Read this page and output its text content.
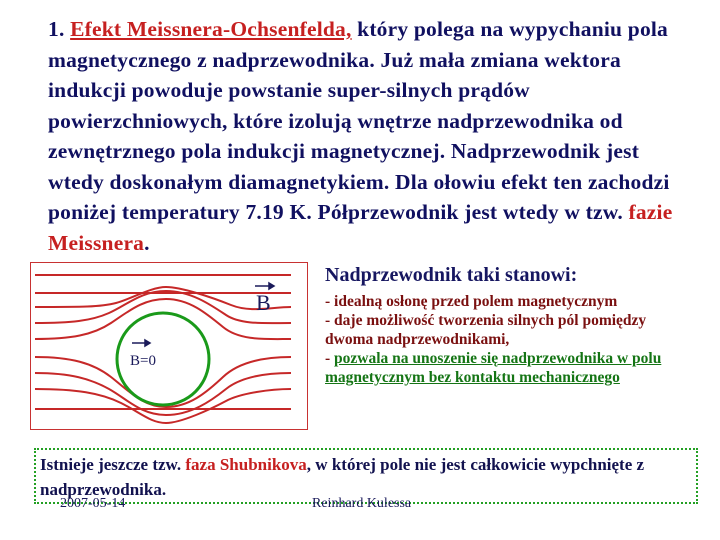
1. Efekt Meissnera-Ochsenfelda, który polega na wypychaniu pola magnetycznego z nadprzewodnika. Już mała zmiana wektora indukcji powoduje powstanie super-silnych prądów powierzchniowych, które izolują wnętrze nadprzewodnika od zewnętrznego pola indukcji magnetycznej. Nadprzewodnik jest wtedy doskonałym diamagnetykiem. Dla ołowiu efekt ten zachodzi poniżej temperatury 7.19 K. Półprzewodnik jest wtedy w tzw. fazie Meissnera.

B
B=0

Nadprzewodnik taki stanowi:

- idealną osłonę przed polem magnetycznym

- daje możliwość tworzenia silnych pól pomiędzy dwoma nadprzewodnikami,

- pozwala na unoszenie się nadprzewodnika w polu magnetycznym bez kontaktu mechanicznego

Istnieje jeszcze tzw. faza Shubnikova, w której pole nie jest całkowicie wypchnięte z nadprzewodnika.

2007-05-14	Reinhard Kulessa
